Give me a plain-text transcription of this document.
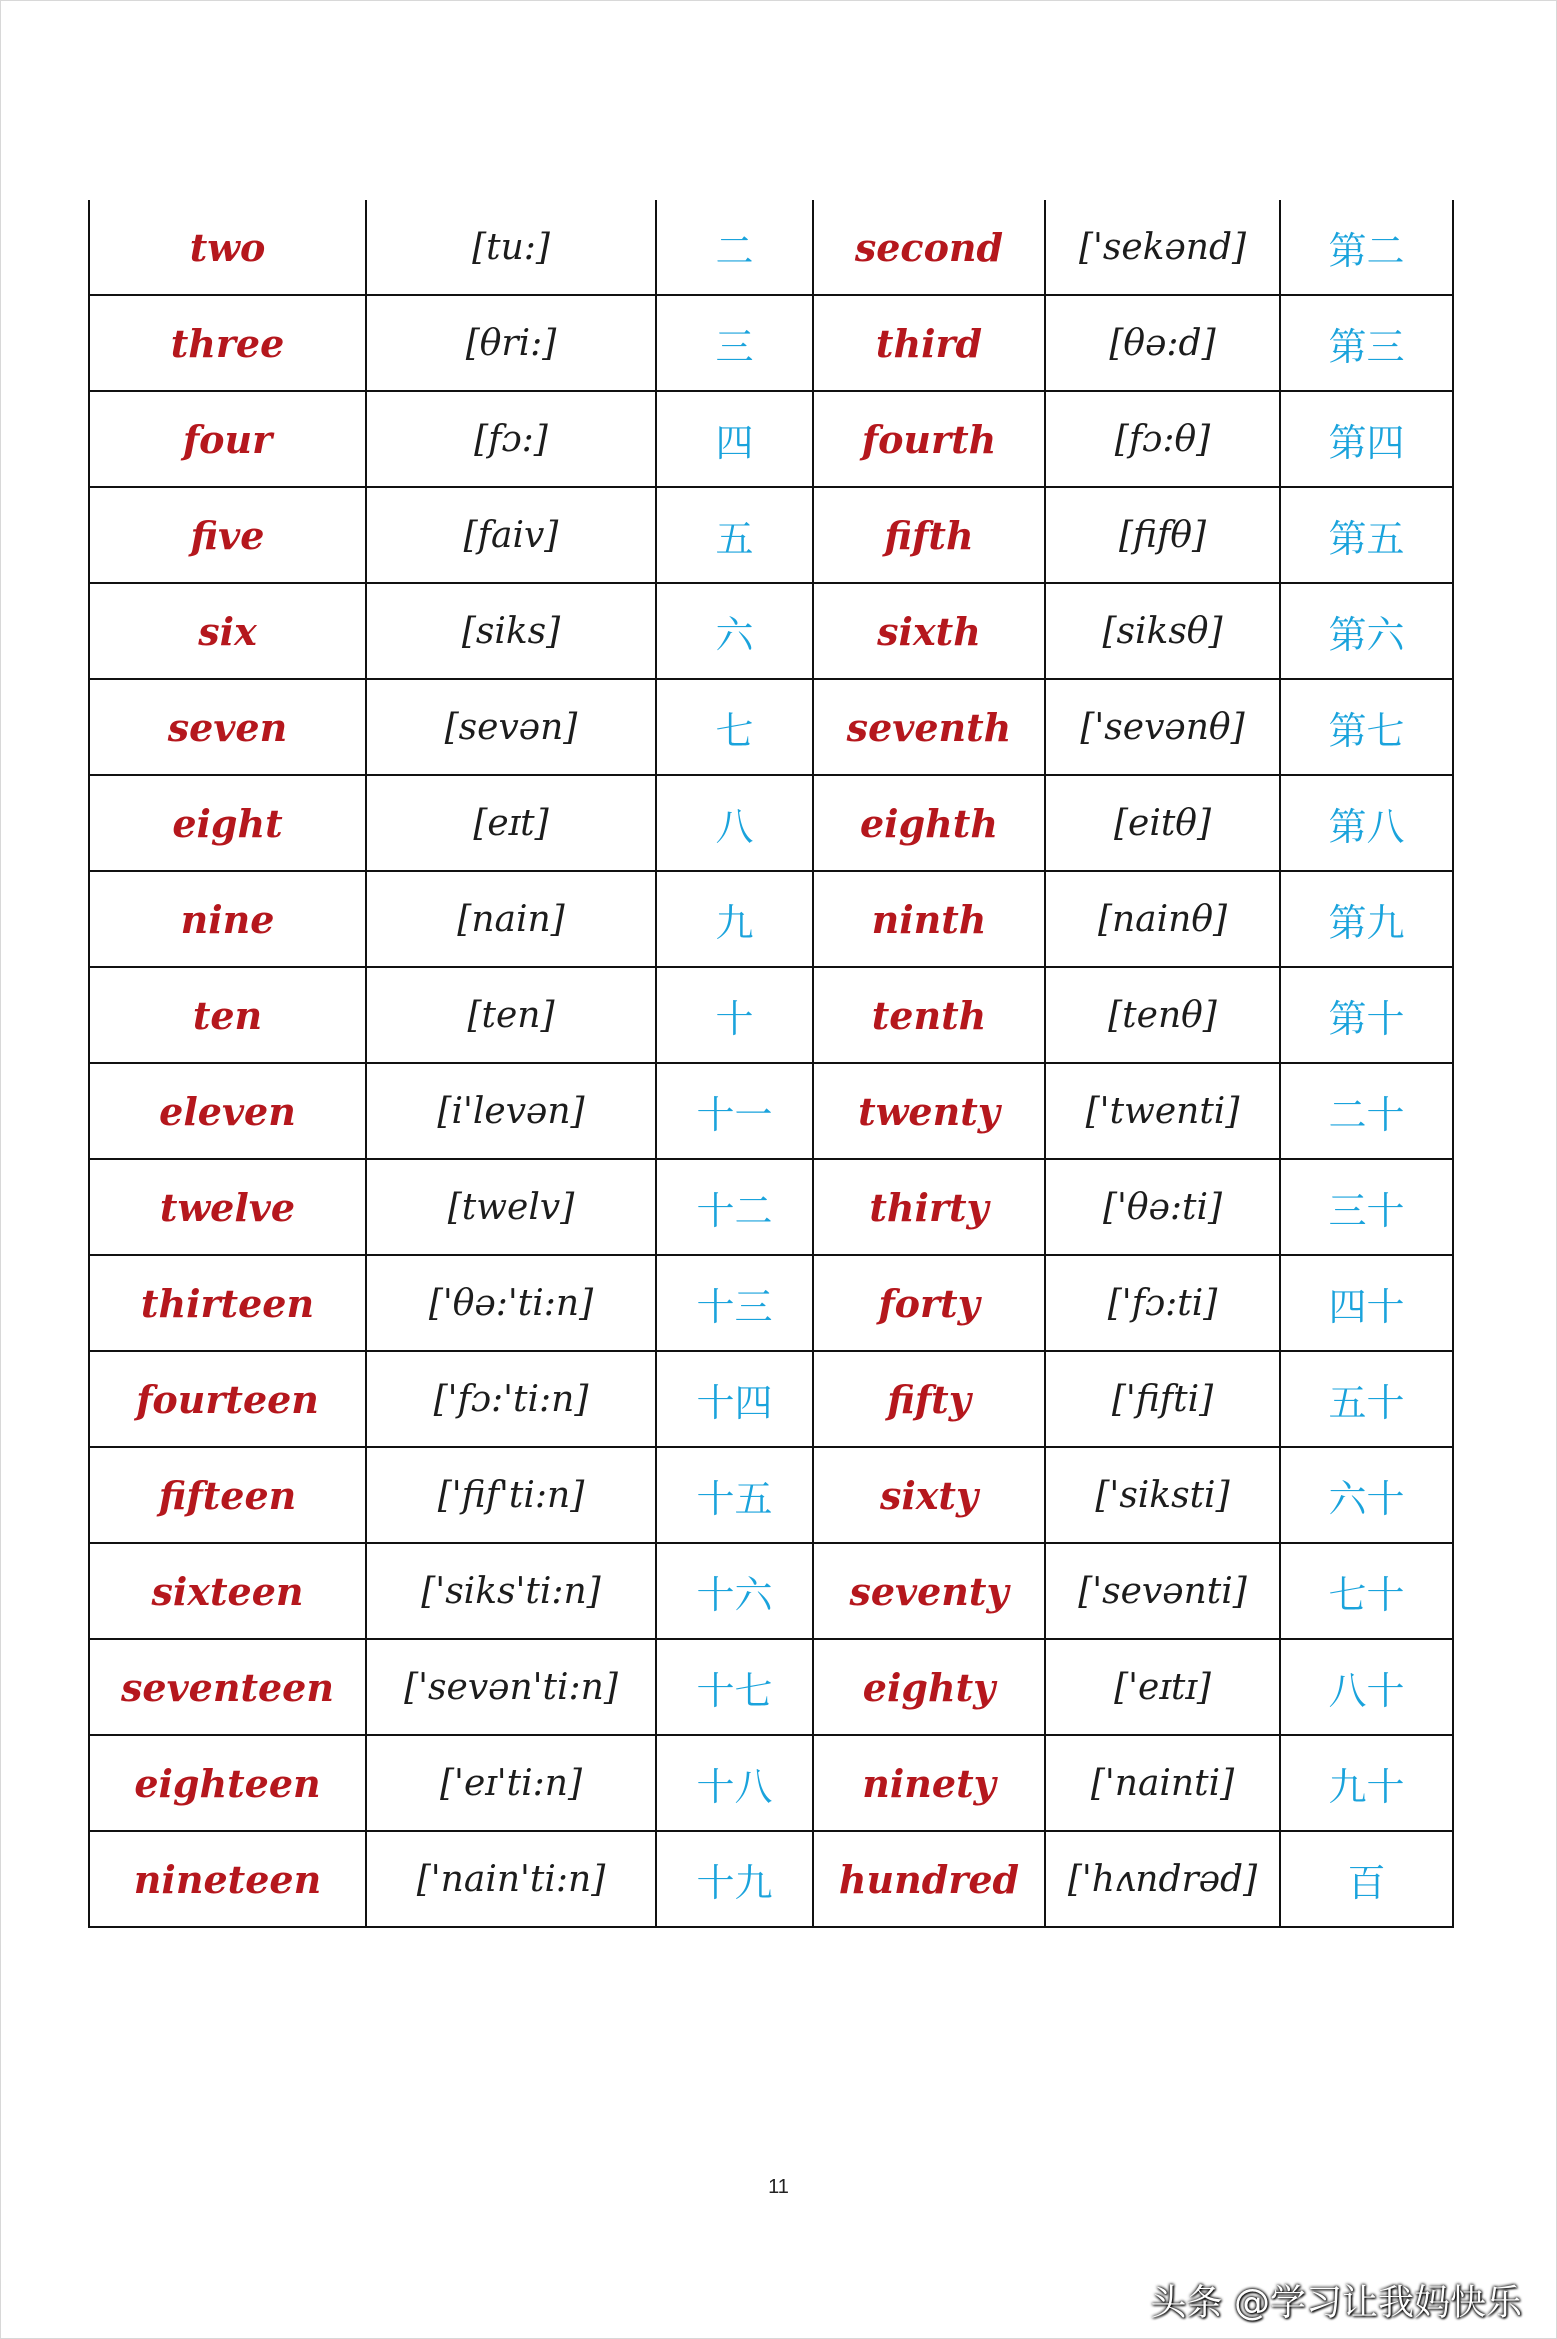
two	[tu:]	二	second	['sekənd]	第二
three	[θri:]	三	third	[θə:d]	第三
four	[fɔ:]	四	fourth	[fɔ:θ]	第四
five	[faiv]	五	fifth	[fifθ]	第五
six	[siks]	六	sixth	[siksθ]	第六
seven	[sevən]	七	seventh	['sevənθ]	第七
eight	[eɪt]	八	eighth	[eitθ]	第八
nine	[nain]	九	ninth	[nainθ]	第九
ten	[ten]	十	tenth	[tenθ]	第十
eleven	[i'levən]	十一	twenty	['twenti]	二十
twelve	[twelv]	十二	thirty	['θə:ti]	三十
thirteen	['θə:'ti:n]	十三	forty	['fɔ:ti]	四十
fourteen	['fɔ:'ti:n]	十四	fifty	['fifti]	五十
fifteen	['fif'ti:n]	十五	sixty	['siksti]	六十
sixteen	['siks'ti:n]	十六	seventy	['sevənti]	七十
seventeen	['sevən'ti:n]	十七	eighty	['eɪtɪ]	八十
eighteen	['eɪ'ti:n]	十八	ninety	['nainti]	九十
nineteen	['nain'ti:n]	十九	hundred	['hʌndrəd]	百
11
头条 @学习让我妈快乐
